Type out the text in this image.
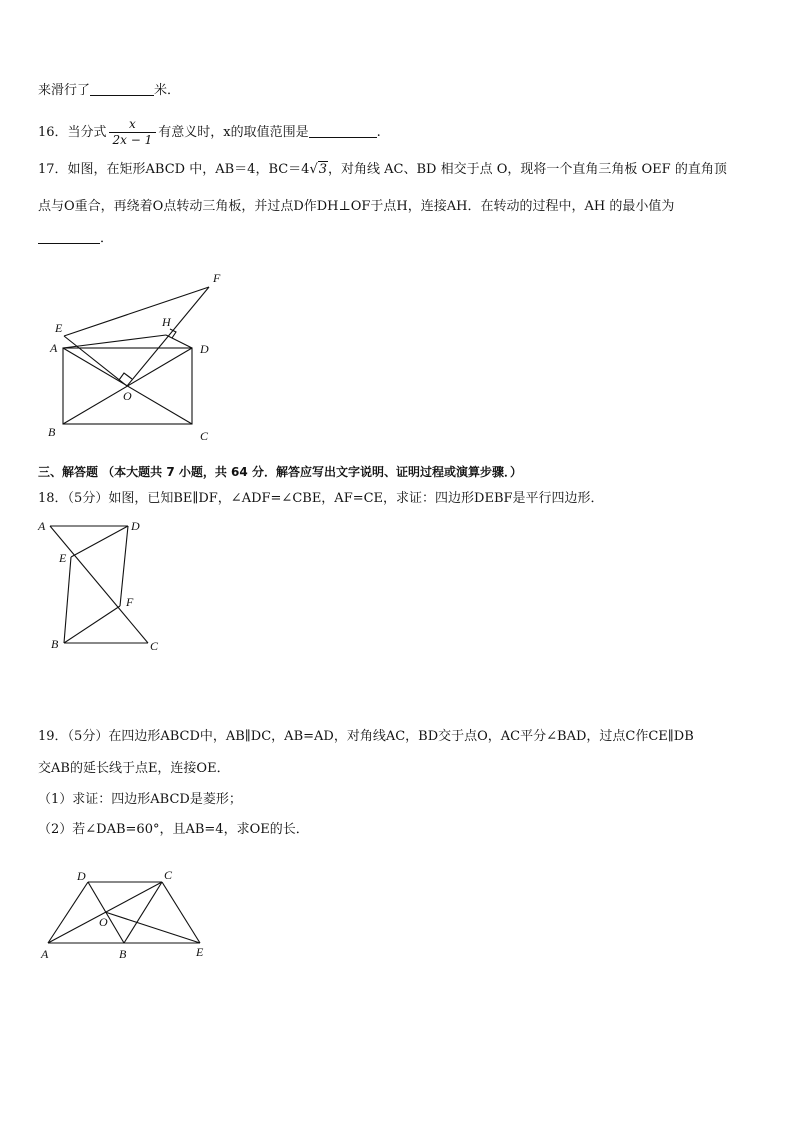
来滑行了	米．
16．当分式 $\frac{x}{2x - 1}$ 有意义时，x的取值范围是	.
17．如图，在矩形ABCD 中，AB＝4，BC＝4√3，对角线 AC、BD 相交于点 O，现将一个直角三角板 OEF 的直角顶
点与O重合，再绕着O点转动三角板，并过点D作DH⊥OF于点H，连接AH．在转动的过程中，AH 的最小值为
．
E
A
B	C
D
F
H
O
三、解答题 （本大题共 7 小题，共 64 分．解答应写出文字说明、证明过程或演算步骤．）
18．（5分）如图，已知BE∥DF，∠ADF=∠CBE，AF=CE，求证：四边形DEBF是平行四边形．
A	D
E
F
B	C
19．（5分）在四边形ABCD中，AB∥DC，AB=AD，对角线AC，BD交于点O，AC平分∠BAD，过点C作CE∥DB
交AB的延长线于点E，连接OE．
（1）求证：四边形ABCD是菱形；
（2）若∠DAB=60°，且AB=4，求OE的长．
D	C
O
A	B	E
